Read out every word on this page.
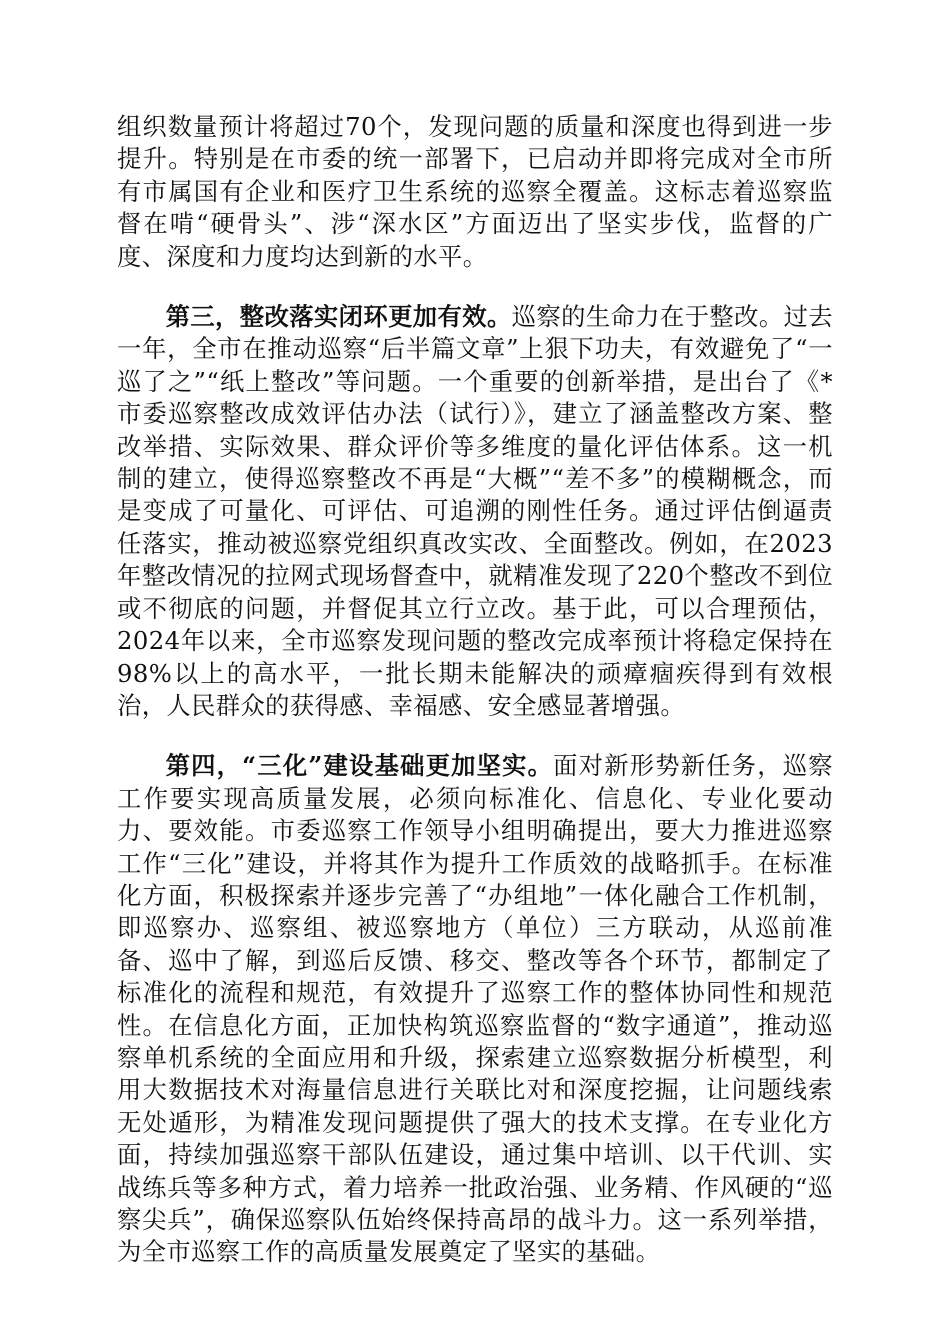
组织数量预计将超过70个，发现问题的质量和深度也得到进一步提升。特别是在市委的统一部署下，已启动并即将完成对全市所有市属国有企业和医疗卫生系统的巡察全覆盖。这标志着巡察监督在啃“硬骨头”、涉“深水区”方面迈出了坚实步伐，监督的广度、深度和力度均达到新的水平。

第三，整改落实闭环更加有效。巡察的生命力在于整改。过去一年，全市在推动巡察“后半篇文章”上狠下功夫，有效避免了“一巡了之”“纸上整改”等问题。一个重要的创新举措，是出台了《*市委巡察整改成效评估办法（试行）》，建立了涵盖整改方案、整改举措、实际效果、群众评价等多维度的量化评估体系。这一机制的建立，使得巡察整改不再是“大概”“差不多”的模糊概念，而是变成了可量化、可评估、可追溯的刚性任务。通过评估倒逼责任落实，推动被巡察党组织真改实改、全面整改。例如，在2023年整改情况的拉网式现场督查中，就精准发现了220个整改不到位或不彻底的问题，并督促其立行立改。基于此，可以合理预估，2024年以来，全市巡察发现问题的整改完成率预计将稳定保持在98%以上的高水平，一批长期未能解决的顽瘴痼疾得到有效根治，人民群众的获得感、幸福感、安全感显著增强。

第四，“三化”建设基础更加坚实。面对新形势新任务，巡察工作要实现高质量发展，必须向标准化、信息化、专业化要动力、要效能。市委巡察工作领导小组明确提出，要大力推进巡察工作“三化”建设，并将其作为提升工作质效的战略抓手。在标准化方面，积极探索并逐步完善了“办组地”一体化融合工作机制，即巡察办、巡察组、被巡察地方（单位）三方联动，从巡前准备、巡中了解，到巡后反馈、移交、整改等各个环节，都制定了标准化的流程和规范，有效提升了巡察工作的整体协同性和规范性。在信息化方面，正加快构筑巡察监督的“数字通道”，推动巡察单机系统的全面应用和升级，探索建立巡察数据分析模型，利用大数据技术对海量信息进行关联比对和深度挖掘，让问题线索无处遁形，为精准发现问题提供了强大的技术支撑。在专业化方面，持续加强巡察干部队伍建设，通过集中培训、以干代训、实战练兵等多种方式，着力培养一批政治强、业务精、作风硬的“巡察尖兵”，确保巡察队伍始终保持高昂的战斗力。这一系列举措，为全市巡察工作的高质量发展奠定了坚实的基础。
